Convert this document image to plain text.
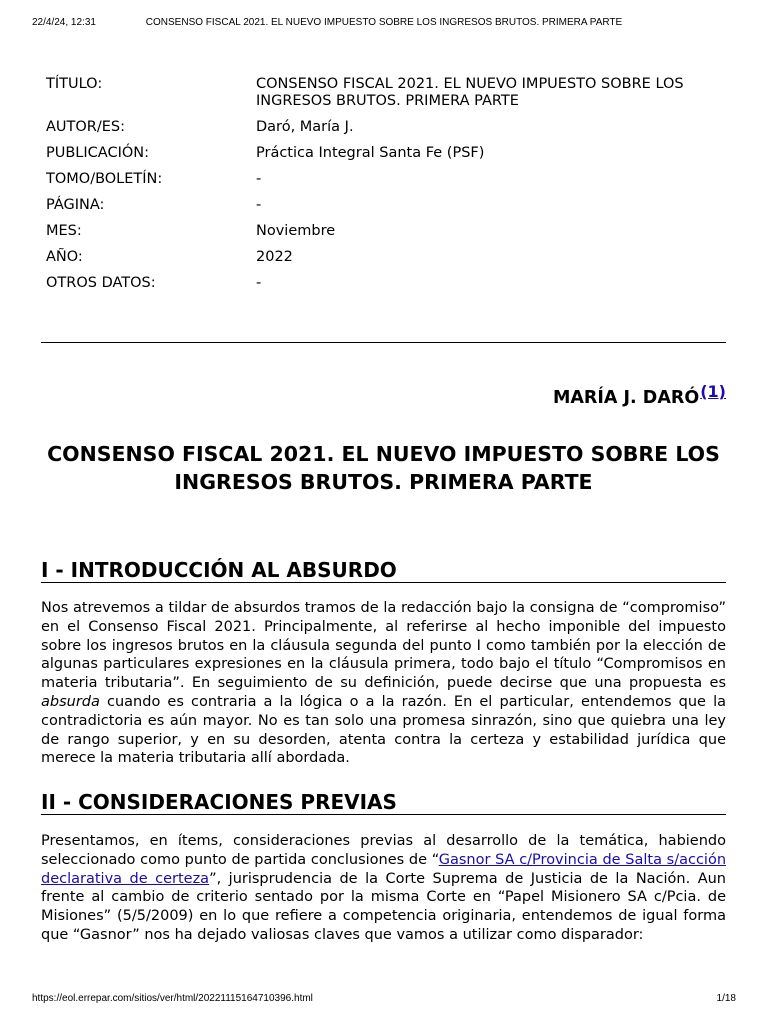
22/4/24, 12:31	CONSENSO FISCAL 2021. EL NUEVO IMPUESTO SOBRE LOS INGRESOS BRUTOS. PRIMERA PARTE
TÍTULO:	CONSENSO FISCAL 2021. EL NUEVO IMPUESTO SOBRE LOS INGRESOS BRUTOS. PRIMERA PARTE
AUTOR/ES:	Daró, María J.
PUBLICACIÓN:	Práctica Integral Santa Fe (PSF)
TOMO/BOLETÍN:	-
PÁGINA:	-
MES:	Noviembre
AÑO:	2022
OTROS DATOS:	-
MARÍA J. DARÓ(1)
CONSENSO FISCAL 2021. EL NUEVO IMPUESTO SOBRE LOS INGRESOS BRUTOS. PRIMERA PARTE
I - INTRODUCCIÓN AL ABSURDO
Nos atrevemos a tildar de absurdos tramos de la redacción bajo la consigna de “compromiso” en el Consenso Fiscal 2021. Principalmente, al referirse al hecho imponible del impuesto sobre los ingresos brutos en la cláusula segunda del punto I como también por la elección de algunas particulares expresiones en la cláusula primera, todo bajo el título “Compromisos en materia tributaria”. En seguimiento de su definición, puede decirse que una propuesta es absurda cuando es contraria a la lógica o a la razón. En el particular, entendemos que la contradictoria es aún mayor. No es tan solo una promesa sinrazón, sino que quiebra una ley de rango superior, y en su desorden, atenta contra la certeza y estabilidad jurídica que merece la materia tributaria allí abordada.
II - CONSIDERACIONES PREVIAS
Presentamos, en ítems, consideraciones previas al desarrollo de la temática, habiendo seleccionado como punto de partida conclusiones de “Gasnor SA c/Provincia de Salta s/acción declarativa de certeza”, jurisprudencia de la Corte Suprema de Justicia de la Nación. Aun frente al cambio de criterio sentado por la misma Corte en “Papel Misionero SA c/Pcia. de Misiones” (5/5/2009) en lo que refiere a competencia originaria, entendemos de igual forma que “Gasnor” nos ha dejado valiosas claves que vamos a utilizar como disparador:
https://eol.errepar.com/sitios/ver/html/20221115164710396.html	1/18
